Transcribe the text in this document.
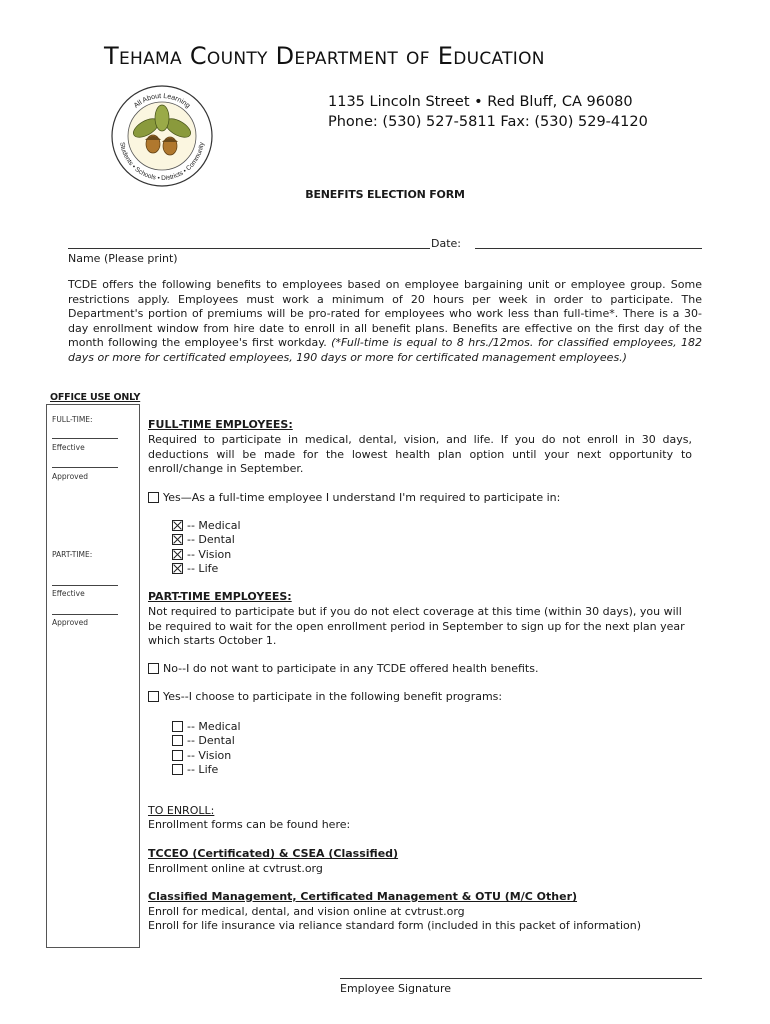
Tehama County Department of Education
All About Learning
Students • Schools • Districts • Community
1135 Lincoln Street • Red Bluff, CA 96080
Phone: (530) 527-5811 Fax: (530) 529-4120
BENEFITS ELECTION FORM
Date:
Name (Please print)
TCDE offers the following benefits to employees based on employee bargaining unit or employee group. Some restrictions apply. Employees must work a minimum of 20 hours per week in order to participate. The Department's portion of premiums will be pro-rated for employees who work less than full-time*. There is a 30-day enrollment window from hire date to enroll in all benefit plans. Benefits are effective on the first day of the month following the employee's first workday. (*Full-time is equal to 8 hrs./12mos. for classified employees, 182 days or more for certificated employees, 190 days or more for certificated management employees.)
OFFICE USE ONLY
FULL-TIME:
Effective
Approved
PART-TIME:
Effective
Approved
FULL-TIME EMPLOYEES:
Required to participate in medical, dental, vision, and life. If you do not enroll in 30 days, deductions will be made for the lowest health plan option until your next opportunity to enroll/change in September.
Yes—As a full-time employee I understand I'm required to participate in:
-- Medical
-- Dental
-- Vision
-- Life
PART-TIME EMPLOYEES:
Not required to participate but if you do not elect coverage at this time (within 30 days), you will be required to wait for the open enrollment period in September to sign up for the next plan year which starts October 1.
No--I do not want to participate in any TCDE offered health benefits.
Yes--I choose to participate in the following benefit programs:
-- Medical
-- Dental
-- Vision
-- Life
TO ENROLL:
Enrollment forms can be found here:
TCCEO (Certificated) & CSEA (Classified)
Enrollment online at cvtrust.org
Classified Management, Certificated Management & OTU (M/C Other)
Enroll for medical, dental, and vision online at cvtrust.org
Enroll for life insurance via reliance standard form (included in this packet of information)
Employee Signature
